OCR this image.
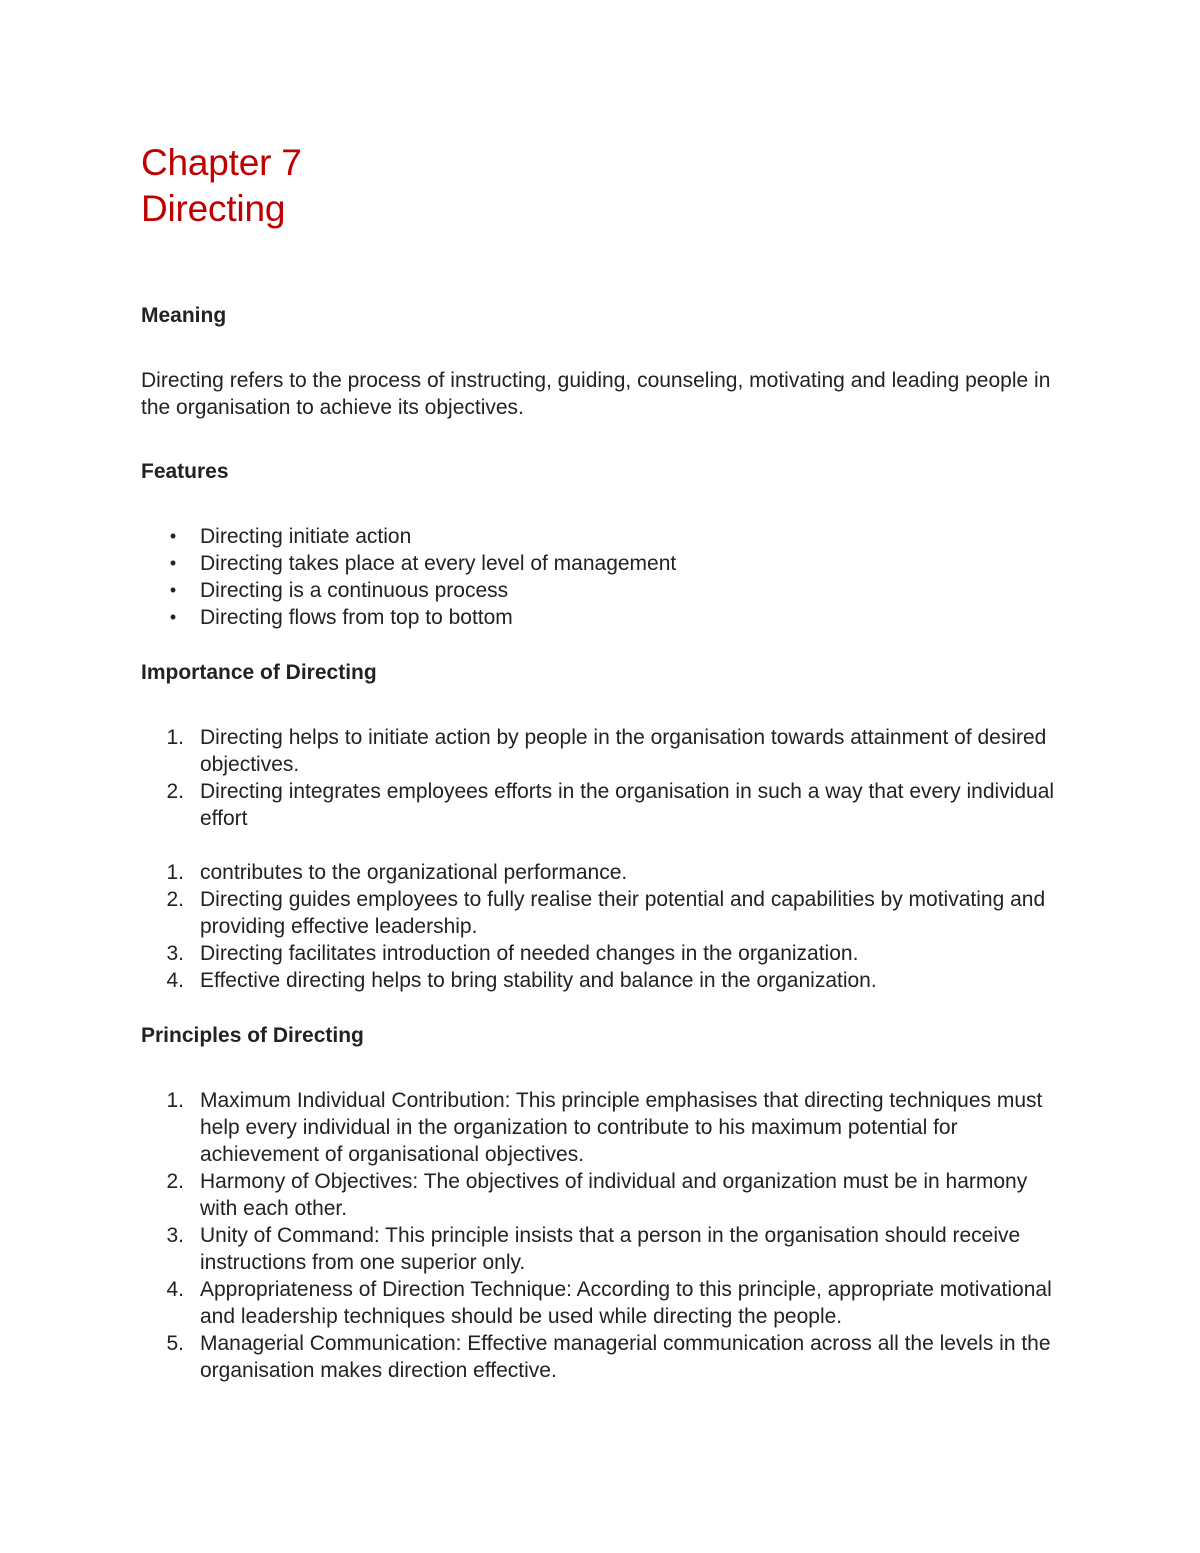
Chapter 7
Directing
Meaning

Directing refers to the process of instructing, guiding, counseling, motivating and leading people in the organisation to achieve its objectives.

Features
•	Directing initiate action
•	Directing takes place at every level of management
•	Directing is a continuous process
•	Directing flows from top to bottom
Importance of Directing
1. Directing helps to initiate action by people in the organisation towards attainment of desired objectives.
2. Directing integrates employees efforts in the organisation in such a way that every individual effort
1. contributes to the organizational performance.
2. Directing guides employees to fully realise their potential and capabilities by motivating and providing effective leadership.
3. Directing facilitates introduction of needed changes in the organization.
4. Effective directing helps to bring stability and balance in the organization.
Principles of Directing
1. Maximum Individual Contribution: This principle emphasises that directing techniques must help every individual in the organization to contribute to his maximum potential for achievement of organisational objectives.
2. Harmony of Objectives: The objectives of individual and organization must be in harmony with each other.
3. Unity of Command: This principle insists that a person in the organisation should receive instructions from one superior only.
4. Appropriateness of Direction Technique: According to this principle, appropriate motivational and leadership techniques should be used while directing the people.
5. Managerial Communication: Effective managerial communication across all the levels in the organisation makes direction effective.
